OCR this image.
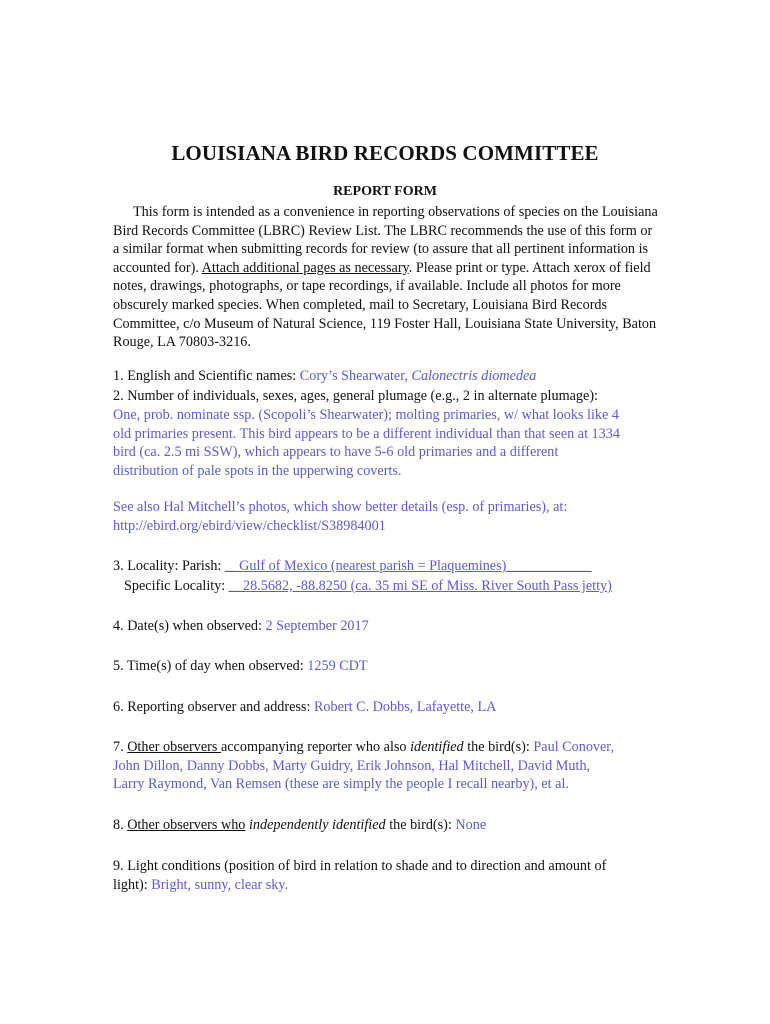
LOUISIANA BIRD RECORDS COMMITTEE
REPORT FORM
This form is intended as a convenience in reporting observations of species on the Louisiana Bird Records Committee (LBRC) Review List. The LBRC recommends the use of this form or a similar format when submitting records for review (to assure that all pertinent information is accounted for). Attach additional pages as necessary. Please print or type. Attach xerox of field notes, drawings, photographs, or tape recordings, if available. Include all photos for more obscurely marked species. When completed, mail to Secretary, Louisiana Bird Records Committee, c/o Museum of Natural Science, 119 Foster Hall, Louisiana State University, Baton Rouge, LA 70803-3216.
1. English and Scientific names: Cory’s Shearwater, Calonectris diomedea
2. Number of individuals, sexes, ages, general plumage (e.g., 2 in alternate plumage):
One, prob. nominate ssp. (Scopoli’s Shearwater); molting primaries, w/ what looks like 4
old primaries present. This bird appears to be a different individual than that seen at 1334
bird (ca. 2.5 mi SSW), which appears to have 5-6 old primaries and a different
distribution of pale spots in the upperwing coverts.
See also Hal Mitchell’s photos, which show better details (esp. of primaries), at:
http://ebird.org/ebird/view/checklist/S38984001
3. Locality: Parish: __Gulf of Mexico (nearest parish = Plaquemines)____________
Specific Locality: __28.5682, -88.8250 (ca. 35 mi SE of Miss. River South Pass jetty)
4. Date(s) when observed: 2 September 2017
5. Time(s) of day when observed: 1259 CDT
6. Reporting observer and address: Robert C. Dobbs, Lafayette, LA
7. Other observers accompanying reporter who also identified the bird(s): Paul Conover,
John Dillon, Danny Dobbs, Marty Guidry, Erik Johnson, Hal Mitchell, David Muth,
Larry Raymond, Van Remsen (these are simply the people I recall nearby), et al.
8. Other observers who independently identified the bird(s): None
9. Light conditions (position of bird in relation to shade and to direction and amount of
light): Bright, sunny, clear sky.
